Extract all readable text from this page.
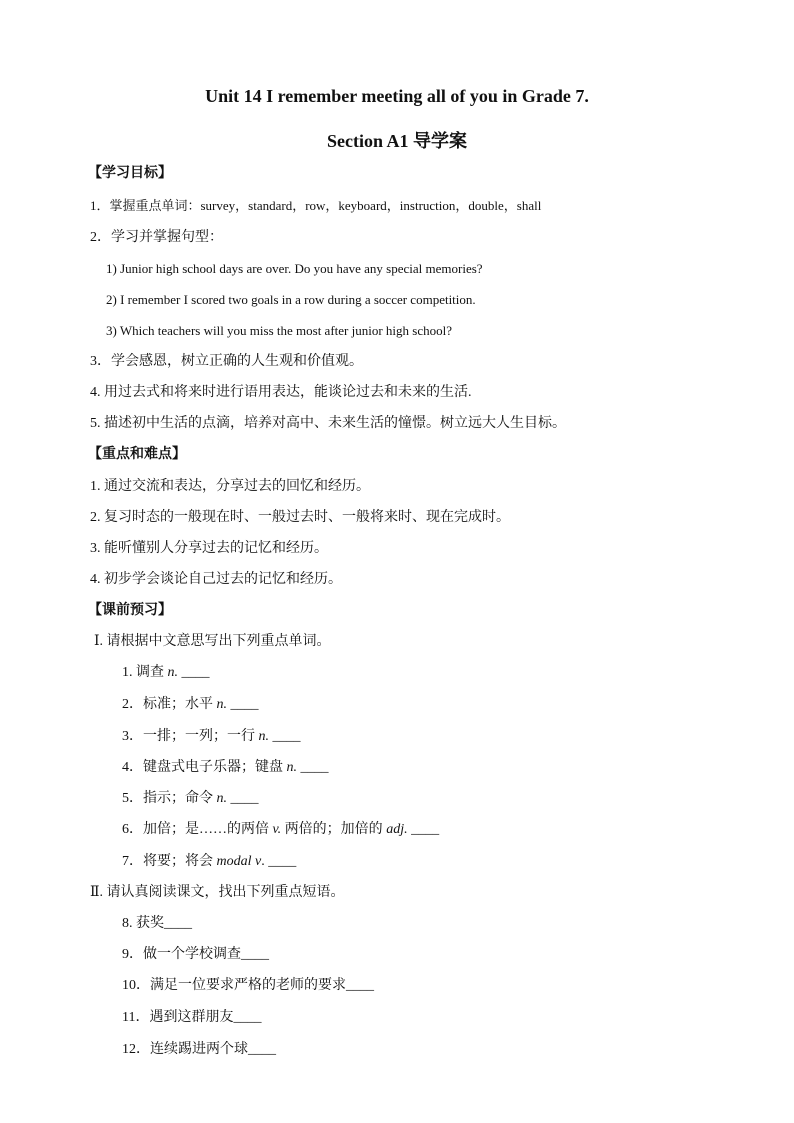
Unit 14 I remember meeting all of you in Grade 7.
Section A1 导学案
【学习目标】
1．掌握重点单词：survey，standard，row，keyboard，instruction，double，shall
2．学习并掌握句型：
1) Junior high school days are over. Do you have any special memories?
2) I remember I scored two goals in a row during a soccer competition.
3) Which teachers will you miss the most after junior high school?
3．学会感恩，树立正确的人生观和价值观。
4. 用过去式和将来时进行语用表达，能谈论过去和未来的生活.
5. 描述初中生活的点滴，培养对高中、未来生活的憧憬。树立远大人生目标。
【重点和难点】
1. 通过交流和表达，分享过去的回忆和经历。
2. 复习时态的一般现在时、一般过去时、一般将来时、现在完成时。
3. 能听懂别人分享过去的记忆和经历。
4. 初步学会谈论自己过去的记忆和经历。
【课前预习】
Ⅰ. 请根据中文意思写出下列重点单词。
1. 调查 n. ____
2．标准；水平 n. ____
3．一排；一列；一行 n. ____
4．键盘式电子乐器；键盘 n. ____
5．指示；命令 n. ____
6．加倍；是……的两倍 v. 两倍的；加倍的 adj. ____
7．将要；将会 modal v. ____
Ⅱ. 请认真阅读课文，找出下列重点短语。
8. 获奖____
9．做一个学校调查____
10．满足一位要求严格的老师的要求____
11．遇到这群朋友____
12．连续踢进两个球____
